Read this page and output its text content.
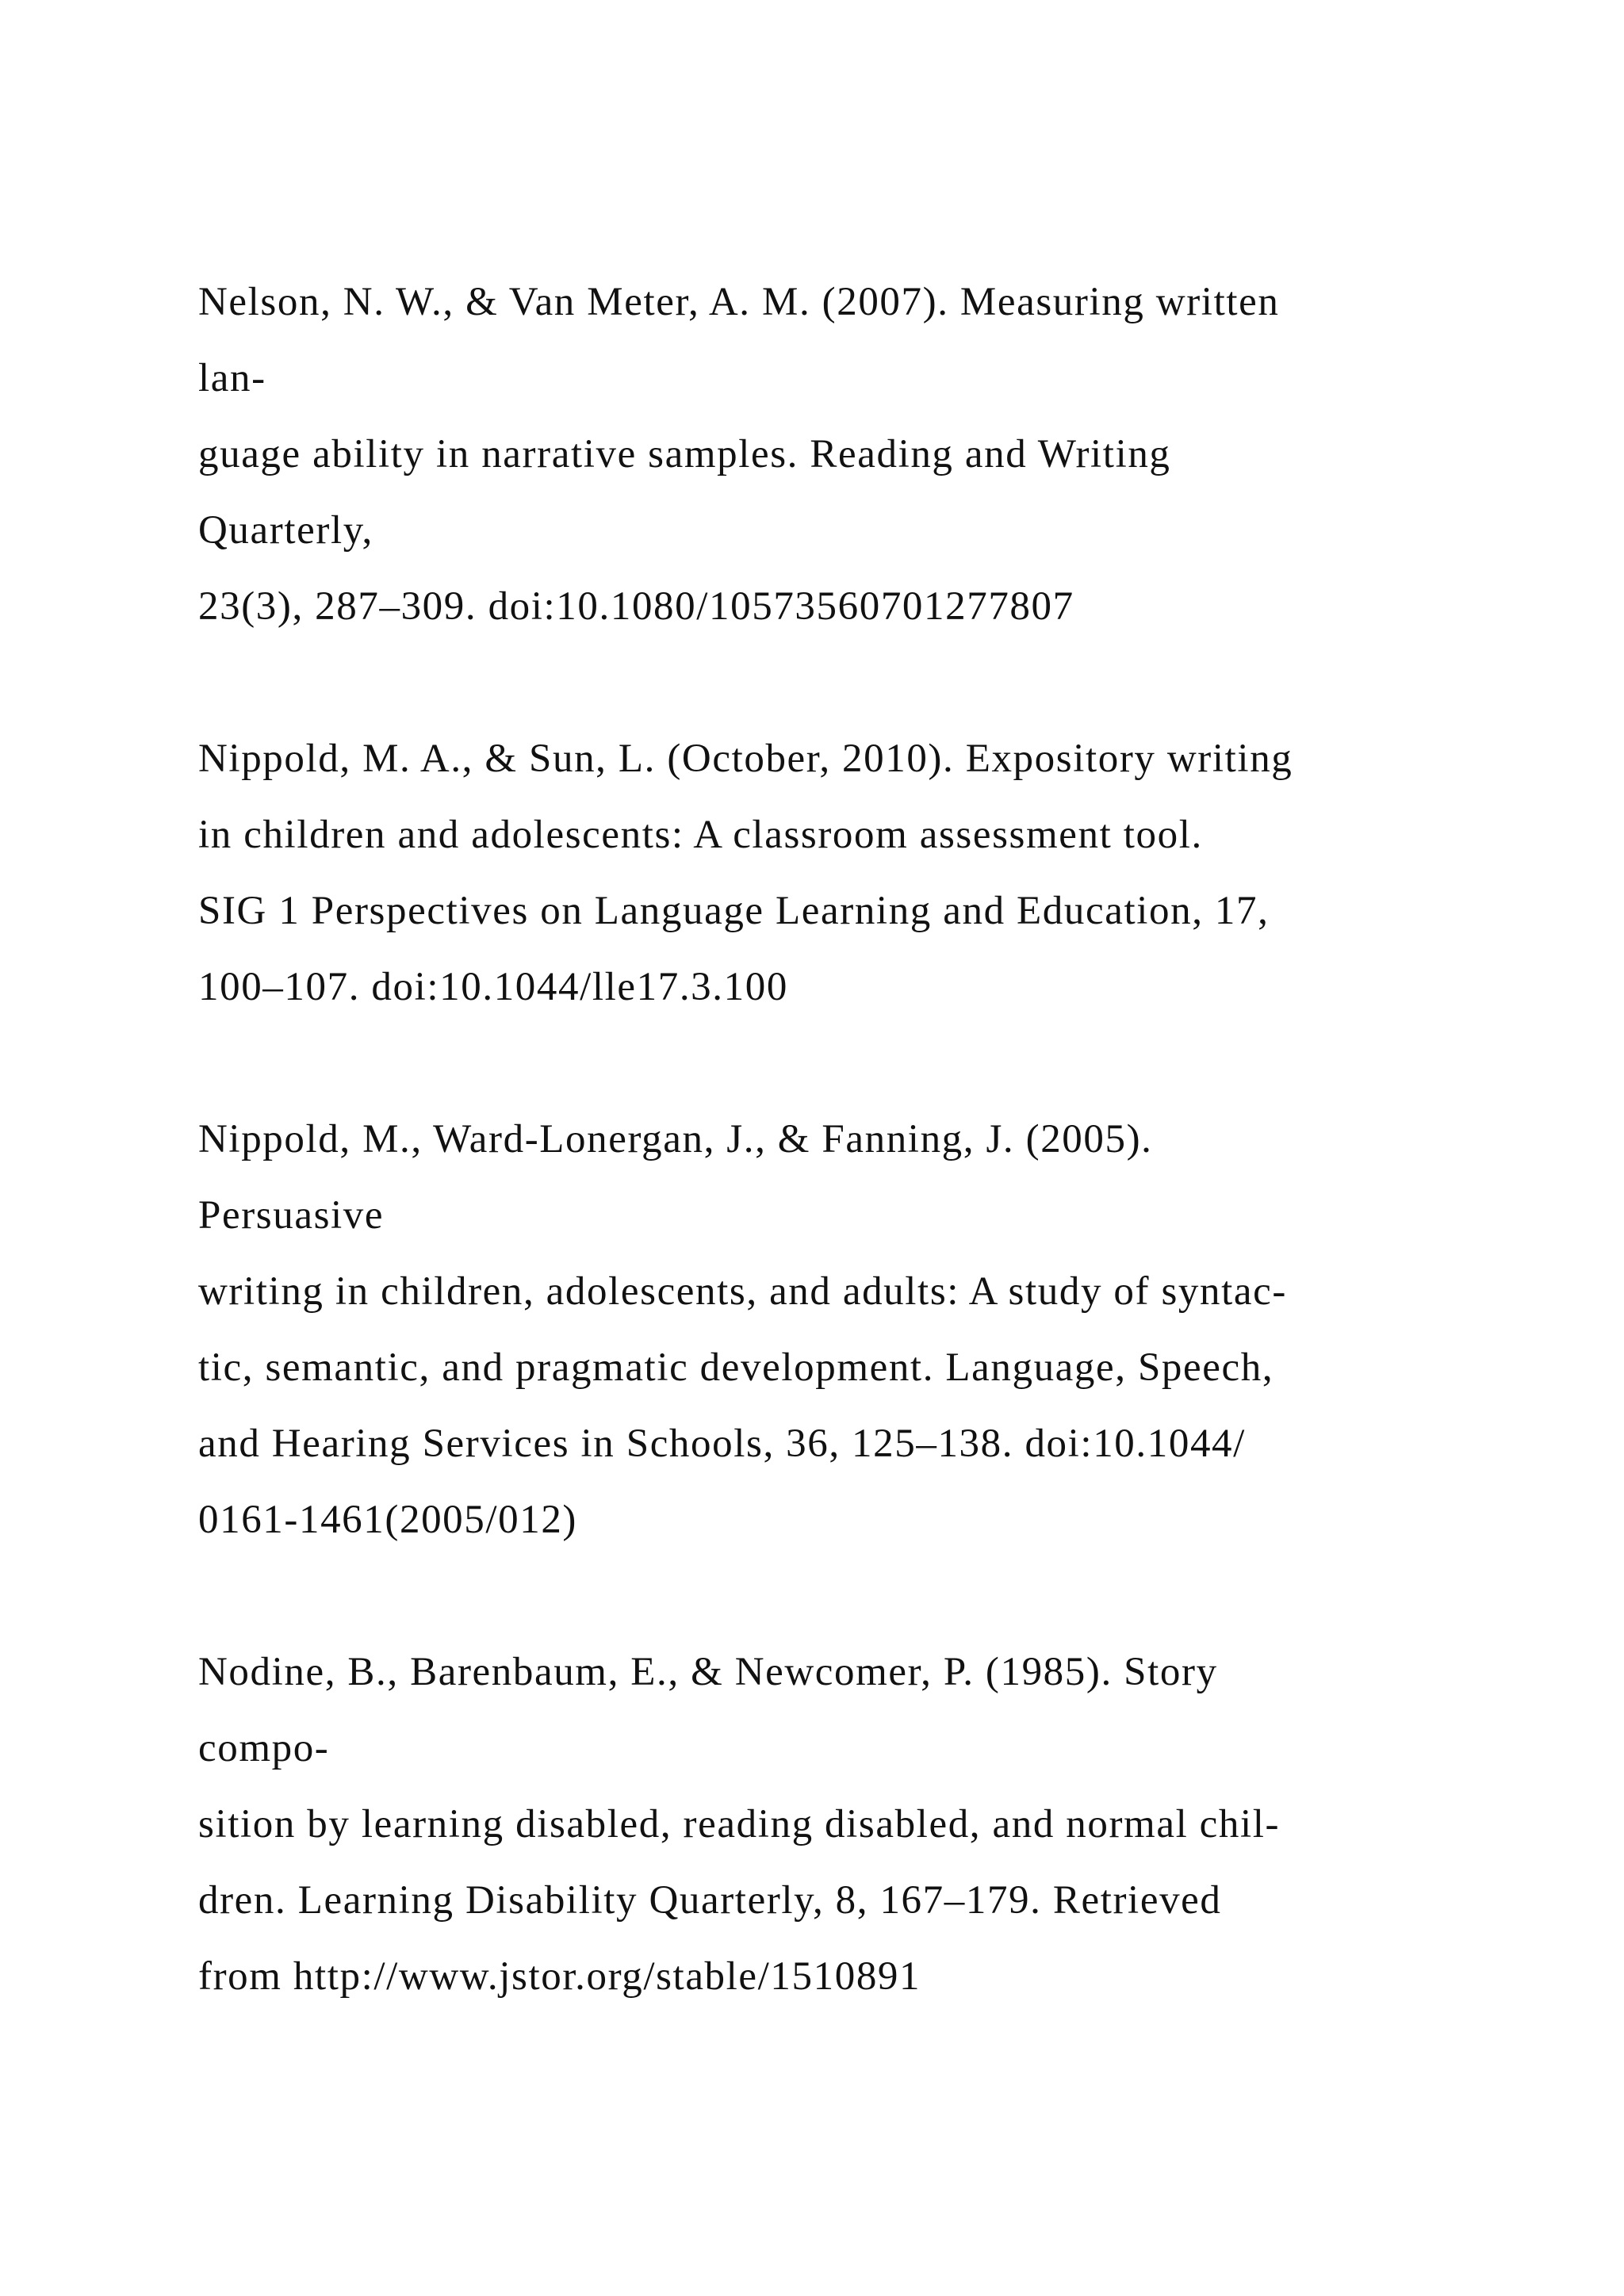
Nelson, N. W., & Van Meter, A. M. (2007). Measuring written
lan-
guage ability in narrative samples. Reading and Writing
Quarterly,
23(3), 287–309. doi:10.1080/10573560701277807
Nippold, M. A., & Sun, L. (October, 2010). Expository writing
in children and adolescents: A classroom assessment tool.
SIG 1 Perspectives on Language Learning and Education, 17,
100–107. doi:10.1044/lle17.3.100
Nippold, M., Ward-Lonergan, J., & Fanning, J. (2005).
Persuasive
writing in children, adolescents, and adults: A study of syntac-
tic, semantic, and pragmatic development. Language, Speech,
and Hearing Services in Schools, 36, 125–138. doi:10.1044/
0161-1461(2005/012)
Nodine, B., Barenbaum, E., & Newcomer, P. (1985). Story
compo-
sition by learning disabled, reading disabled, and normal chil-
dren. Learning Disability Quarterly, 8, 167–179. Retrieved
from http://www.jstor.org/stable/1510891
